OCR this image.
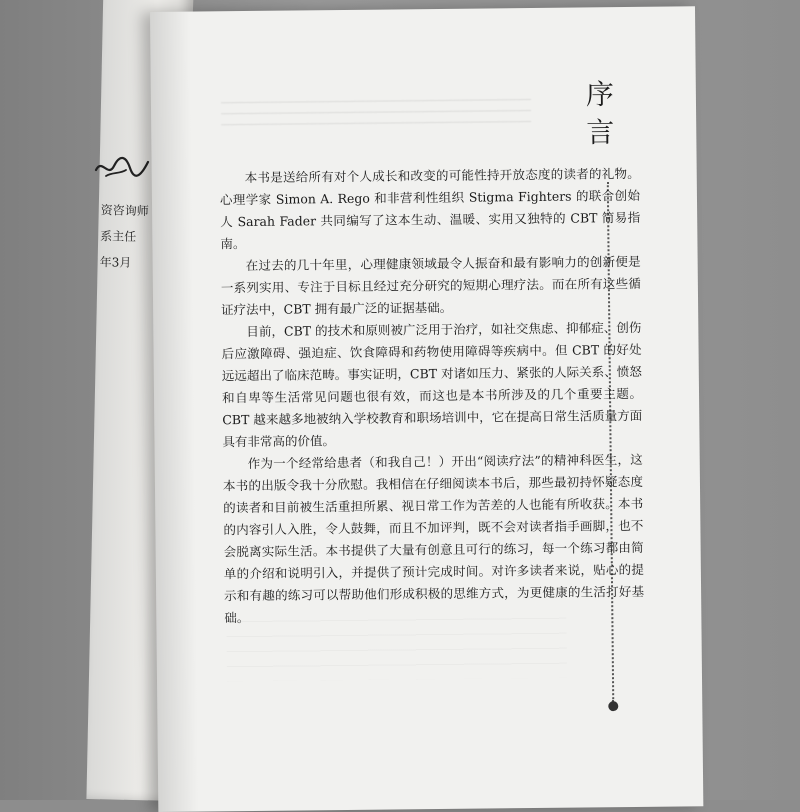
资咨询师
系主任
年3月
序言

本书是送给所有对个人成长和改变的可能性持开放态度的读者的礼物。心理学家 Simon A. Rego 和非营利性组织 Stigma Fighters 的联合创始人 Sarah Fader 共同编写了这本生动、温暖、实用又独特的 CBT 简易指南。

在过去的几十年里，心理健康领域最令人振奋和最有影响力的创新便是一系列实用、专注于目标且经过充分研究的短期心理疗法。而在所有这些循证疗法中，CBT 拥有最广泛的证据基础。

目前，CBT 的技术和原则被广泛用于治疗，如社交焦虑、抑郁症、创伤后应激障碍、强迫症、饮食障碍和药物使用障碍等疾病中。但 CBT 的好处远远超出了临床范畴。事实证明，CBT 对诸如压力、紧张的人际关系、愤怒和自卑等生活常见问题也很有效，而这也是本书所涉及的几个重要主题。CBT 越来越多地被纳入学校教育和职场培训中，它在提高日常生活质量方面具有非常高的价值。

作为一个经常给患者（和我自己！）开出“阅读疗法”的精神科医生，这本书的出版令我十分欣慰。我相信在仔细阅读本书后，那些最初持怀疑态度的读者和目前被生活重担所累、视日常工作为苦差的人也能有所收获。本书的内容引人入胜，令人鼓舞，而且不加评判，既不会对读者指手画脚，也不会脱离实际生活。本书提供了大量有创意且可行的练习，每一个练习都由简单的介绍和说明引入，并提供了预计完成时间。对许多读者来说，贴心的提示和有趣的练习可以帮助他们形成积极的思维方式，为更健康的生活打好基础。
